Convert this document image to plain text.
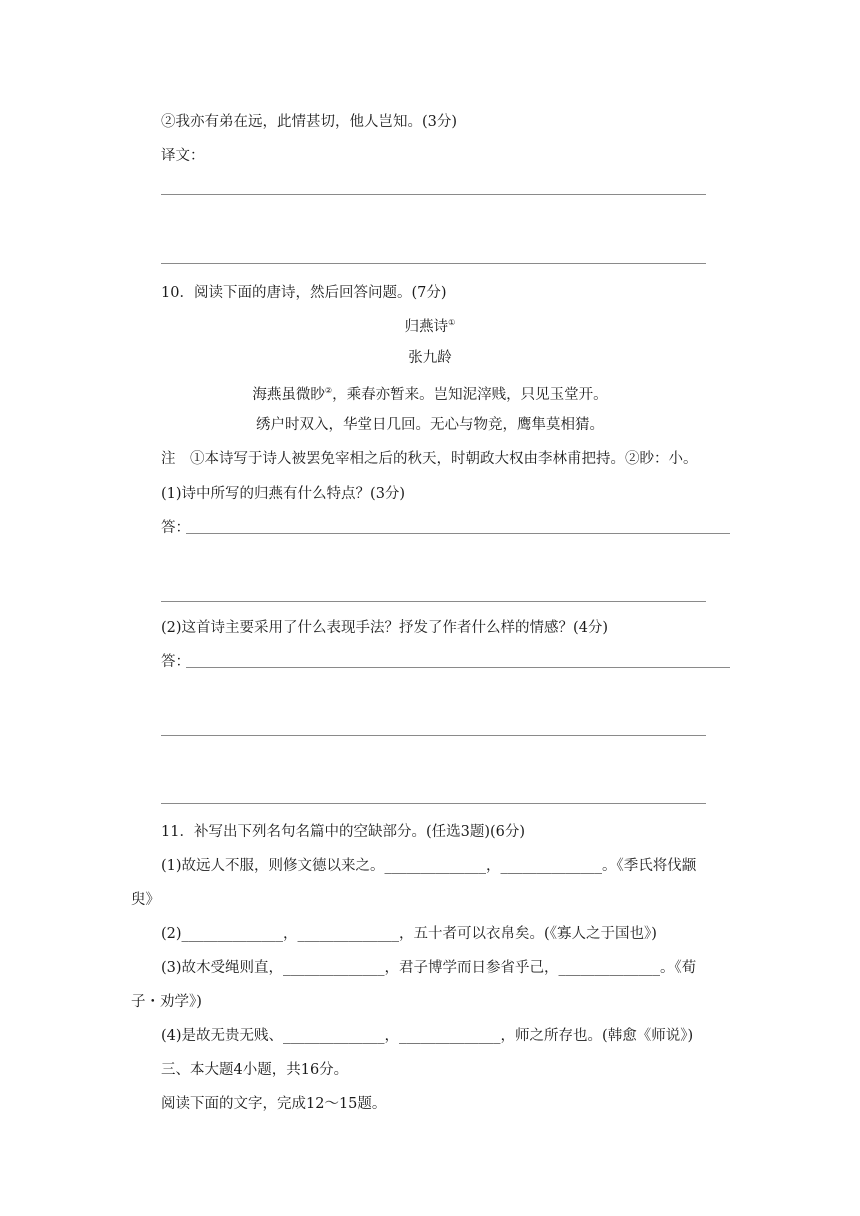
②我亦有弟在远，此情甚切，他人岂知。(3分)
译文：
10．阅读下面的唐诗，然后回答问题。(7分)
归燕诗①
张九龄
海燕虽微眇②，乘春亦暂来。岂知泥滓贱，只见玉堂开。
绣户时双入，华堂日几回。无心与物竞，鹰隼莫相猜。
注　①本诗写于诗人被罢免宰相之后的秋天，时朝政大权由李林甫把持。②眇：小。
(1)诗中所写的归燕有什么特点？(3分)
答：
(2)这首诗主要采用了什么表现手法？抒发了作者什么样的情感？(4分)
答：
11．补写出下列名句名篇中的空缺部分。(任选3题)(6分)
(1)故远人不服，则修文德以来之。______________，______________。《季氏将伐颛
臾》
(2)______________，______________，五十者可以衣帛矣。(《寡人之于国也》)
(3)故木受绳则直，______________，君子博学而日参省乎己，______________。《荀
子・劝学》)
(4)是故无贵无贱、______________，______________，师之所存也。(韩愈《师说》)
三、本大题4小题，共16分。
阅读下面的文字，完成12～15题。
